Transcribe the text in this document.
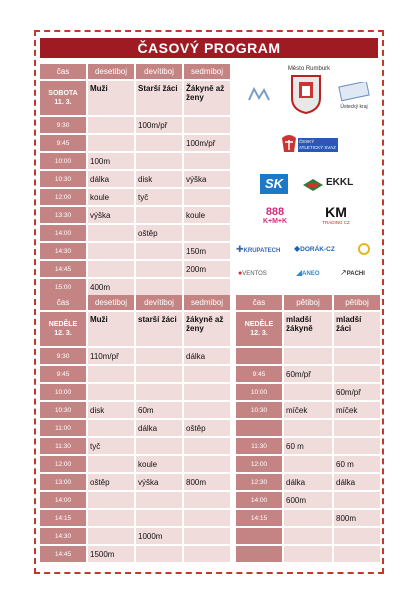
ČASOVÝ PROGRAM
čas	desetiboj	devítiboj	sedmiboj
SOBOTA
11. 3.	Muži	Starší žáci	Žákyně až ženy
9:30		100m/př	
9:45			100m/př
10:00	100m		
10:30	dálka	disk	výška
12:00	koule	tyč	
13:30	výška		koule
14:00		oštěp	
14:30			150m
14:45			200m
15:00	400m		
čas	desetiboj	devítiboj	sedmiboj
NEDĚLE
12. 3.	Muži	starší žáci	žákyně až ženy
9:30	110m/př		dálka
9:45			
10:00			
10:30	disk	60m	
11:00		dálka	oštěp
11:30	tyč		
12:00		koule	
13:00	oštěp	výška	800m
14:00			
14:15			
14:30		1000m	
14:45	1500m		
čas	pětiboj	pětiboj
NEDĚLE
12. 3.	mladší žákyně	mladší žáci

9:45	60m/př	
10:00		60m/př
10:30	míček	míček

11:30	60 m	
12:00		60 m
12:30	dálka	dálka
14:00	600m	
14:15		800m

Město Rumburk
Ústecký kraj
ČESKÝ ATLETICKÝ SVAZ
SK	EKKL
888
K+M+K
KM
TRADING CZ
✚KRUPATECH	◆DORÁK-CZ
●VENTOS	◢ANEO	↗PACHI
